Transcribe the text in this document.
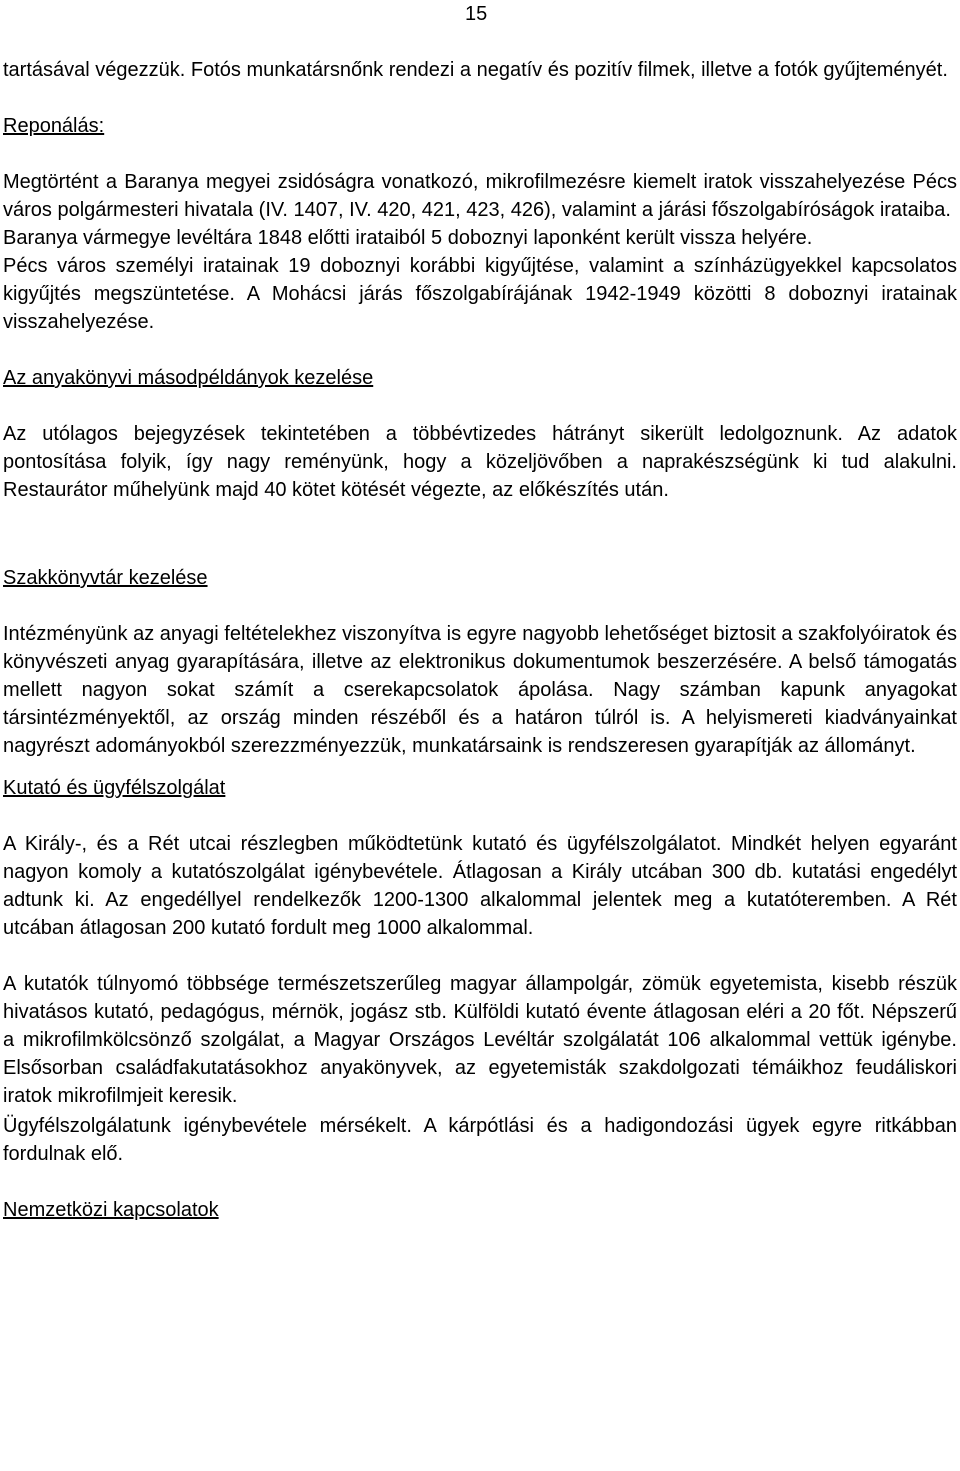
15

tartásával végezzük. Fotós munkatársnőnk rendezi a negatív és pozitív filmek, illetve a fotók gyűjteményét.

Reponálás:

Megtörtént a Baranya megyei zsidóságra vonatkozó, mikrofilmezésre kiemelt iratok visszahelyezése Pécs város polgármesteri hivatala (IV. 1407, IV. 420, 421, 423, 426), valamint a járási főszolgabíróságok irataiba.

Baranya vármegye levéltára 1848 előtti irataiból 5 doboznyi laponként került vissza helyére.

Pécs város személyi iratainak 19 doboznyi korábbi kigyűjtése, valamint a színházügyekkel kapcsolatos kigyűjtés megszüntetése. A Mohácsi járás főszolgabírájának 1942-1949 közötti 8 doboznyi iratainak visszahelyezése.

Az anyakönyvi másodpéldányok kezelése

Az utólagos bejegyzések tekintetében a többévtizedes hátrányt sikerült ledolgoznunk. Az adatok pontosítása folyik, így nagy reményünk, hogy a közeljövőben a naprakészségünk ki tud alakulni. Restaurátor műhelyünk majd 40 kötet kötését végezte, az előkészítés után.

Szakkönyvtár kezelése

Intézményünk az anyagi feltételekhez viszonyítva is egyre nagyobb lehetőséget biztosit a szakfolyóiratok és könyvészeti anyag gyarapítására, illetve az elektronikus dokumentumok beszerzésére. A belső támogatás mellett nagyon sokat számít a cserekapcsolatok ápolása. Nagy számban kapunk anyagokat társintézményektől, az ország minden részéből és a határon túlról is. A helyismereti kiadványainkat nagyrészt adományokból szerezzményezzük, munkatársaink is rendszeresen gyarapítják az állományt.

Kutató és ügyfélszolgálat

A Király-, és a Rét utcai részlegben működtetünk kutató és ügyfélszolgálatot. Mindkét helyen egyaránt nagyon komoly a kutatószolgálat igénybevétele. Átlagosan a Király utcában 300 db. kutatási engedélyt adtunk ki. Az engedéllyel rendelkezők 1200-1300 alkalommal jelentek meg a kutatóteremben. A Rét utcában átlagosan 200 kutató fordult meg 1000 alkalommal.

A kutatók túlnyomó többsége természetszerűleg magyar állampolgár, zömük egyetemista, kisebb részük hivatásos kutató, pedagógus, mérnök, jogász stb. Külföldi kutató évente átlagosan eléri a 20 főt. Népszerű a mikrofilmkölcsönző szolgálat, a Magyar Országos Levéltár szolgálatát 106 alkalommal vettük igénybe. Elsősorban családfakutatásokhoz anyakönyvek, az egyetemisták szakdolgozati témáikhoz feudáliskori iratok mikrofilmjeit keresik.

Ügyfélszolgálatunk igénybevétele mérsékelt. A kárpótlási és a hadigondozási ügyek egyre ritkábban fordulnak elő.

Nemzetközi kapcsolatok
